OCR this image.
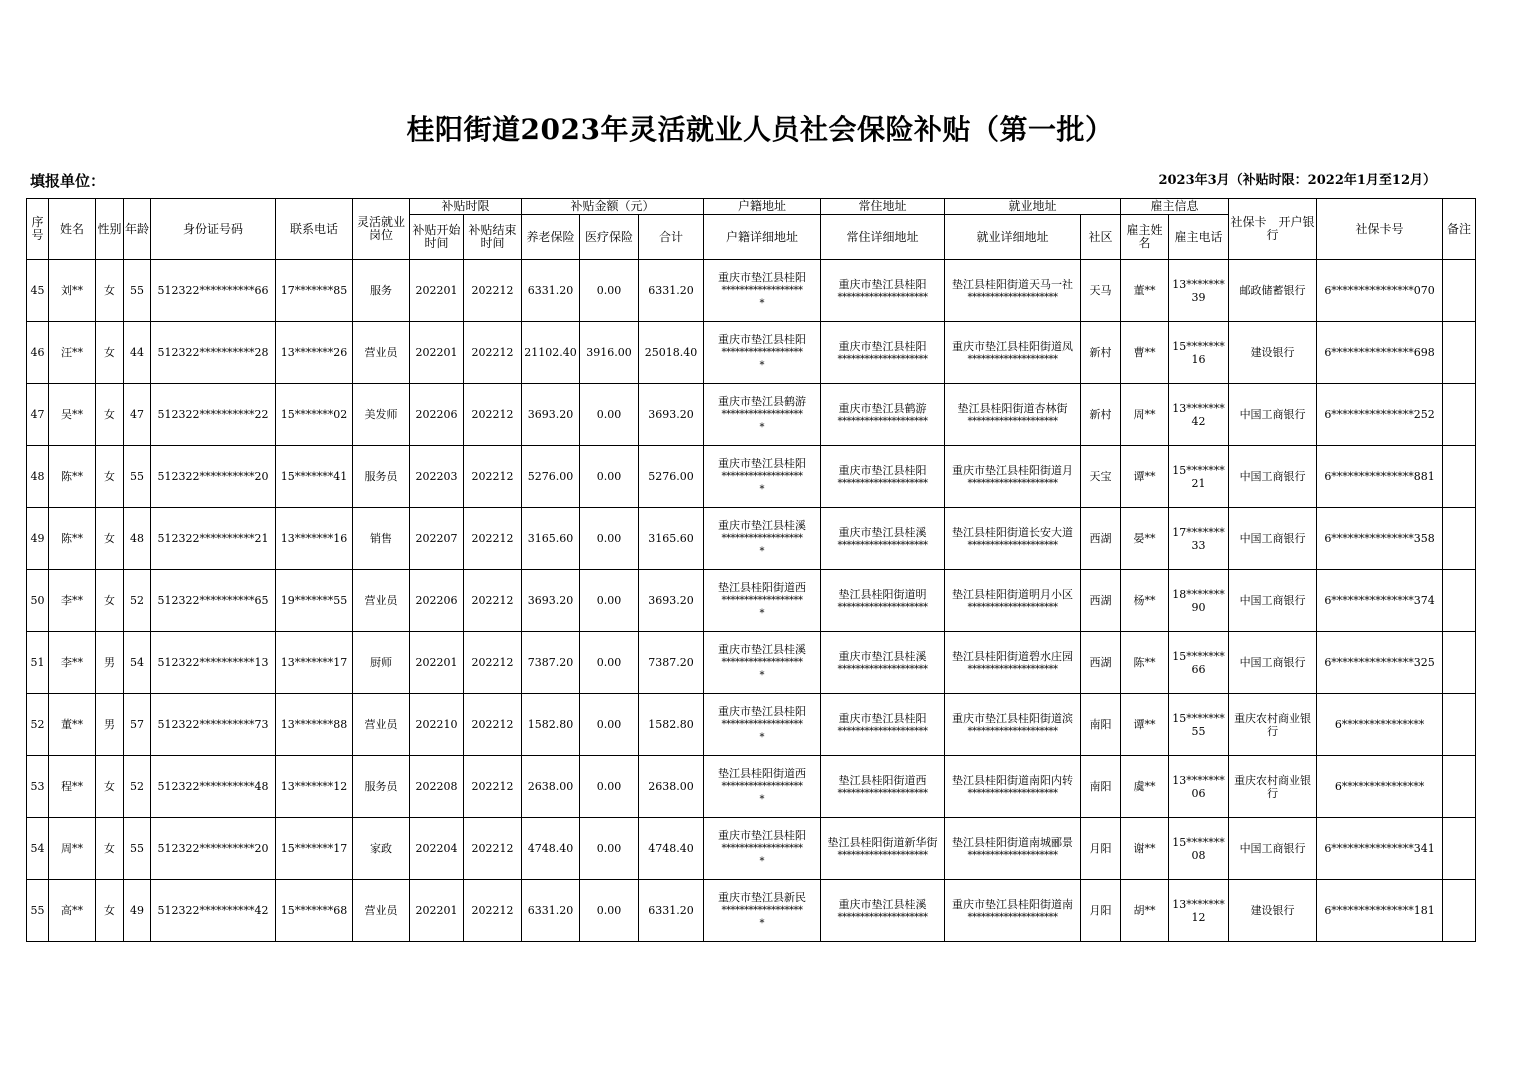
桂阳街道2023年灵活就业人员社会保险补贴（第一批）
填报单位：	2023年3月（补贴时限：2022年1月至12月）
序号	姓名	性别	年龄	身份证号码	联系电话	灵活就业岗位	补贴时限		补贴金额（元）			户籍地址	常住地址	就业地址		雇主信息		社保卡　开户银行	社保卡号	备注
							补贴开始时间	补贴结束时间	养老保险	医疗保险	合计	户籍详细地址	常住详细地址	就业详细地址	社区	雇主姓名	雇主电话			
45	刘**	女	55	512322**********66	17*******85	服务	202201	202212	6331.20	0.00	6331.20	重庆市垫江县桂阳
******************
*	重庆市垫江县桂阳
********************	垫江县桂阳街道天马一社
********************	天马	董**	13*******
39	邮政储蓄银行	6***************070	
46	汪**	女	44	512322**********28	13*******26	营业员	202201	202212	21102.40	3916.00	25018.40	重庆市垫江县桂阳
******************
*	重庆市垫江县桂阳
********************	重庆市垫江县桂阳街道凤
********************	新村	曹**	15*******
16	建设银行	6***************698	
47	吴**	女	47	512322**********22	15*******02	美发师	202206	202212	3693.20	0.00	3693.20	重庆市垫江县鹤游
******************
*	重庆市垫江县鹤游
********************	垫江县桂阳街道杏林街
********************	新村	周**	13*******
42	中国工商银行	6***************252	
48	陈**	女	55	512322**********20	15*******41	服务员	202203	202212	5276.00	0.00	5276.00	重庆市垫江县桂阳
******************
*	重庆市垫江县桂阳
********************	重庆市垫江县桂阳街道月
********************	天宝	谭**	15*******
21	中国工商银行	6***************881	
49	陈**	女	48	512322**********21	13*******16	销售	202207	202212	3165.60	0.00	3165.60	重庆市垫江县桂溪
******************
*	重庆市垫江县桂溪
********************	垫江县桂阳街道长安大道
********************	西湖	晏**	17*******
33	中国工商银行	6***************358	
50	李**	女	52	512322**********65	19*******55	营业员	202206	202212	3693.20	0.00	3693.20	垫江县桂阳街道西
******************
*	垫江县桂阳街道明
********************	垫江县桂阳街道明月小区
********************	西湖	杨**	18*******
90	中国工商银行	6***************374	
51	李**	男	54	512322**********13	13*******17	厨师	202201	202212	7387.20	0.00	7387.20	重庆市垫江县桂溪
******************
*	重庆市垫江县桂溪
********************	垫江县桂阳街道碧水庄园
********************	西湖	陈**	15*******
66	中国工商银行	6***************325	
52	董**	男	57	512322**********73	13*******88	营业员	202210	202212	1582.80	0.00	1582.80	重庆市垫江县桂阳
******************
*	重庆市垫江县桂阳
********************	重庆市垫江县桂阳街道滨
********************	南阳	谭**	15*******
55	重庆农村商业银行	6***************	
53	程**	女	52	512322**********48	13*******12	服务员	202208	202212	2638.00	0.00	2638.00	垫江县桂阳街道西
******************
*	垫江县桂阳街道西
********************	垫江县桂阳街道南阳内转
********************	南阳	虞**	13*******
06	重庆农村商业银行	6***************	
54	周**	女	55	512322**********20	15*******17	家政	202204	202212	4748.40	0.00	4748.40	重庆市垫江县桂阳
******************
*	垫江县桂阳街道新华街
********************	垫江县桂阳街道南城郦景
********************	月阳	谢**	15*******
08	中国工商银行	6***************341	
55	高**	女	49	512322**********42	15*******68	营业员	202201	202212	6331.20	0.00	6331.20	重庆市垫江县新民
******************
*	重庆市垫江县桂溪
********************	重庆市垫江县桂阳街道南
********************	月阳	胡**	13*******
12	建设银行	6***************181	
